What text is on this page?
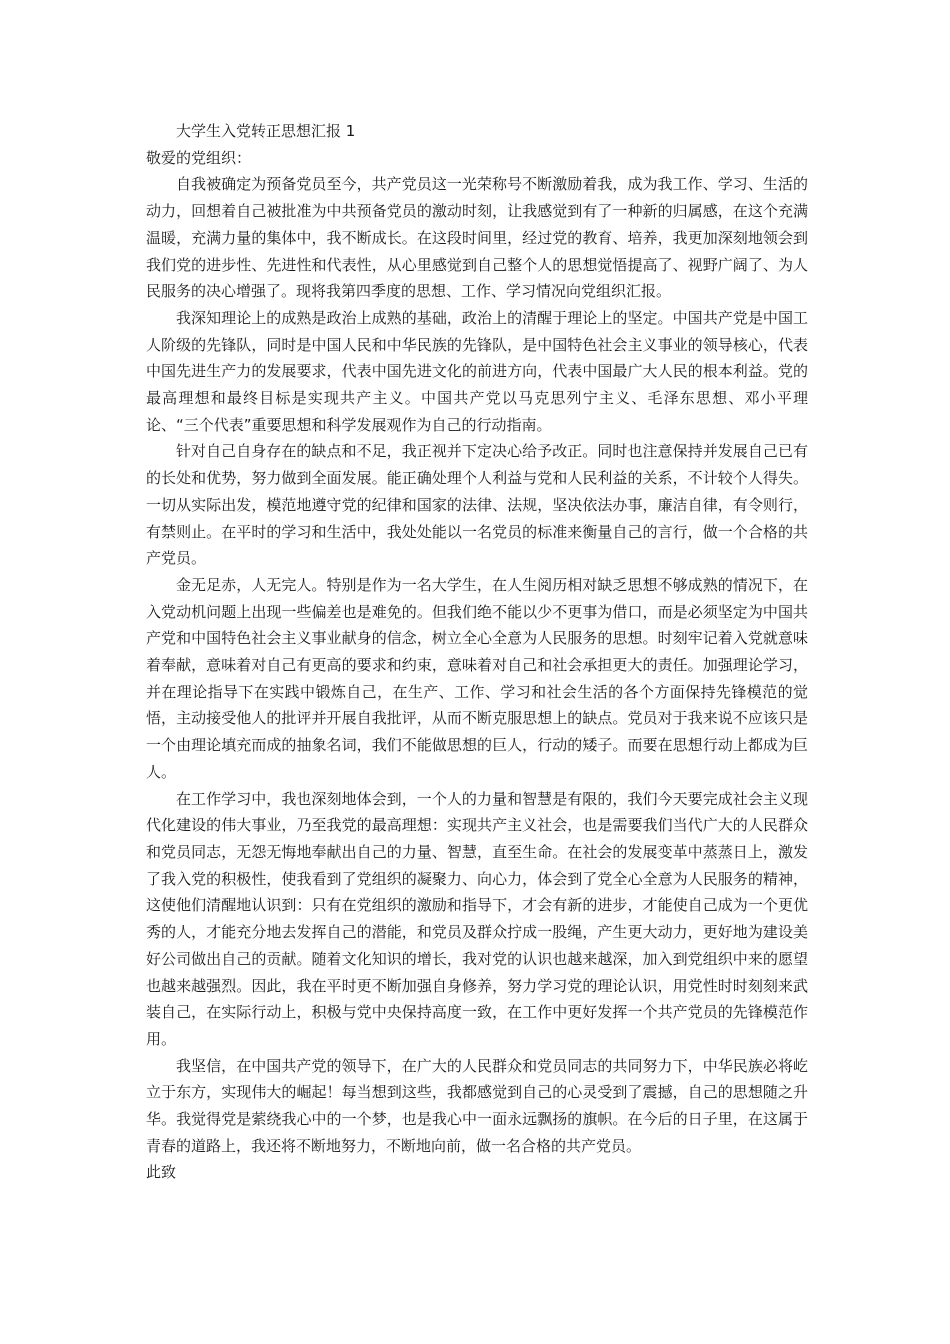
大学生入党转正思想汇报 1

敬爱的党组织：

自我被确定为预备党员至今，共产党员这一光荣称号不断激励着我，成为我工作、学习、生活的动力，回想着自己被批准为中共预备党员的激动时刻，让我感觉到有了一种新的归属感，在这个充满温暖，充满力量的集体中，我不断成长。在这段时间里，经过党的教育、培养，我更加深刻地领会到我们党的进步性、先进性和代表性，从心里感觉到自己整个人的思想觉悟提高了、视野广阔了、为人民服务的决心增强了。现将我第四季度的思想、工作、学习情况向党组织汇报。

我深知理论上的成熟是政治上成熟的基础，政治上的清醒于理论上的坚定。中国共产党是中国工人阶级的先锋队，同时是中国人民和中华民族的先锋队，是中国特色社会主义事业的领导核心，代表中国先进生产力的发展要求，代表中国先进文化的前进方向，代表中国最广大人民的根本利益。党的最高理想和最终目标是实现共产主义。中国共产党以马克思列宁主义、毛泽东思想、邓小平理论、“三个代表”重要思想和科学发展观作为自己的行动指南。

针对自己自身存在的缺点和不足，我正视并下定决心给予改正。同时也注意保持并发展自己已有的长处和优势，努力做到全面发展。能正确处理个人利益与党和人民利益的关系，不计较个人得失。一切从实际出发，模范地遵守党的纪律和国家的法律、法规，坚决依法办事，廉洁自律，有令则行，有禁则止。在平时的学习和生活中，我处处能以一名党员的标准来衡量自己的言行，做一个合格的共产党员。

金无足赤，人无完人。特别是作为一名大学生，在人生阅历相对缺乏思想不够成熟的情况下，在入党动机问题上出现一些偏差也是难免的。但我们绝不能以少不更事为借口，而是必须坚定为中国共产党和中国特色社会主义事业献身的信念，树立全心全意为人民服务的思想。时刻牢记着入党就意味着奉献，意味着对自己有更高的要求和约束，意味着对自己和社会承担更大的责任。加强理论学习，并在理论指导下在实践中锻炼自己，在生产、工作、学习和社会生活的各个方面保持先锋模范的觉悟，主动接受他人的批评并开展自我批评，从而不断克服思想上的缺点。党员对于我来说不应该只是一个由理论填充而成的抽象名词，我们不能做思想的巨人，行动的矮子。而要在思想行动上都成为巨人。

在工作学习中，我也深刻地体会到，一个人的力量和智慧是有限的，我们今天要完成社会主义现代化建设的伟大事业，乃至我党的最高理想：实现共产主义社会，也是需要我们当代广大的人民群众和党员同志，无怨无悔地奉献出自己的力量、智慧，直至生命。在社会的发展变革中蒸蒸日上，激发了我入党的积极性，使我看到了党组织的凝聚力、向心力，体会到了党全心全意为人民服务的精神，这使他们清醒地认识到：只有在党组织的激励和指导下，才会有新的进步，才能使自己成为一个更优秀的人，才能充分地去发挥自己的潜能，和党员及群众拧成一股绳，产生更大动力，更好地为建设美好公司做出自己的贡献。随着文化知识的增长，我对党的认识也越来越深，加入到党组织中来的愿望也越来越强烈。因此，我在平时更不断加强自身修养，努力学习党的理论认识，用党性时时刻刻来武装自己，在实际行动上，积极与党中央保持高度一致，在工作中更好发挥一个共产党员的先锋模范作用。

我坚信，在中国共产党的领导下，在广大的人民群众和党员同志的共同努力下，中华民族必将屹立于东方，实现伟大的崛起！每当想到这些，我都感觉到自己的心灵受到了震撼，自己的思想随之升华。我觉得党是萦绕我心中的一个梦，也是我心中一面永远飘扬的旗帜。在今后的日子里，在这属于青春的道路上，我还将不断地努力，不断地向前，做一名合格的共产党员。

此致
